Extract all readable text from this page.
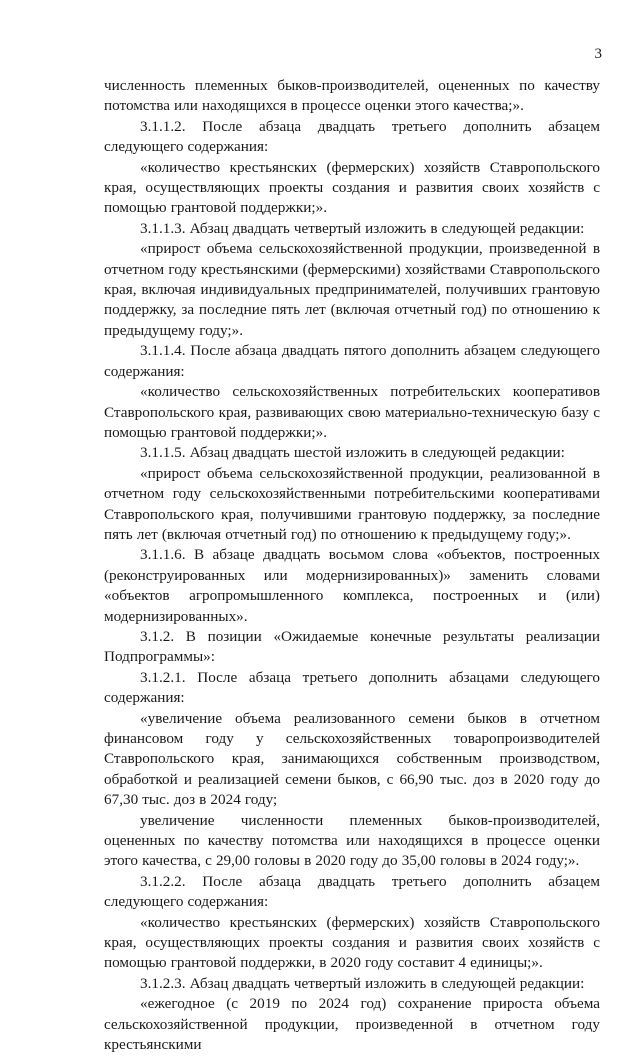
3

численность племенных быков-производителей, оцененных по качеству потомства или находящихся в процессе оценки этого качества;».

3.1.1.2. После абзаца двадцать третьего дополнить абзацем следующего содержания:

«количество крестьянских (фермерских) хозяйств Ставропольского края, осуществляющих проекты создания и развития своих хозяйств с помощью грантовой поддержки;».

3.1.1.3. Абзац двадцать четвертый изложить в следующей редакции:

«прирост объема сельскохозяйственной продукции, произведенной в отчетном году крестьянскими (фермерскими) хозяйствами Ставропольского края, включая индивидуальных предпринимателей, получивших грантовую поддержку, за последние пять лет (включая отчетный год) по отношению к предыдущему году;».

3.1.1.4. После абзаца двадцать пятого дополнить абзацем следующего содержания:

«количество сельскохозяйственных потребительских кооперативов Ставропольского края, развивающих свою материально-техническую базу с помощью грантовой поддержки;».

3.1.1.5. Абзац двадцать шестой изложить в следующей редакции:

«прирост объема сельскохозяйственной продукции, реализованной в отчетном году сельскохозяйственными потребительскими кооперативами Ставропольского края, получившими грантовую поддержку, за последние пять лет (включая отчетный год) по отношению к предыдущему году;».

3.1.1.6. В абзаце двадцать восьмом слова «объектов, построенных (реконструированных или модернизированных)» заменить словами «объектов агропромышленного комплекса, построенных и (или) модернизированных».

3.1.2. В позиции «Ожидаемые конечные результаты реализации Подпрограммы»:

3.1.2.1. После абзаца третьего дополнить абзацами следующего содержания:

«увеличение объема реализованного семени быков в отчетном финансовом году у сельскохозяйственных товаропроизводителей Ставропольского края, занимающихся собственным производством, обработкой и реализацией семени быков, с 66,90 тыс. доз в 2020 году до 67,30 тыс. доз в 2024 году;

увеличение численности племенных быков-производителей, оцененных по качеству потомства или находящихся в процессе оценки этого качества, с 29,00 головы в 2020 году до 35,00 головы в 2024 году;».

3.1.2.2. После абзаца двадцать третьего дополнить абзацем следующего содержания:

«количество крестьянских (фермерских) хозяйств Ставропольского края, осуществляющих проекты создания и развития своих хозяйств с помощью грантовой поддержки, в 2020 году составит 4 единицы;».

3.1.2.3. Абзац двадцать четвертый изложить в следующей редакции:

«ежегодное (с 2019 по 2024 год) сохранение прироста объема сельскохозяйственной продукции, произведенной в отчетном году крестьянскими
